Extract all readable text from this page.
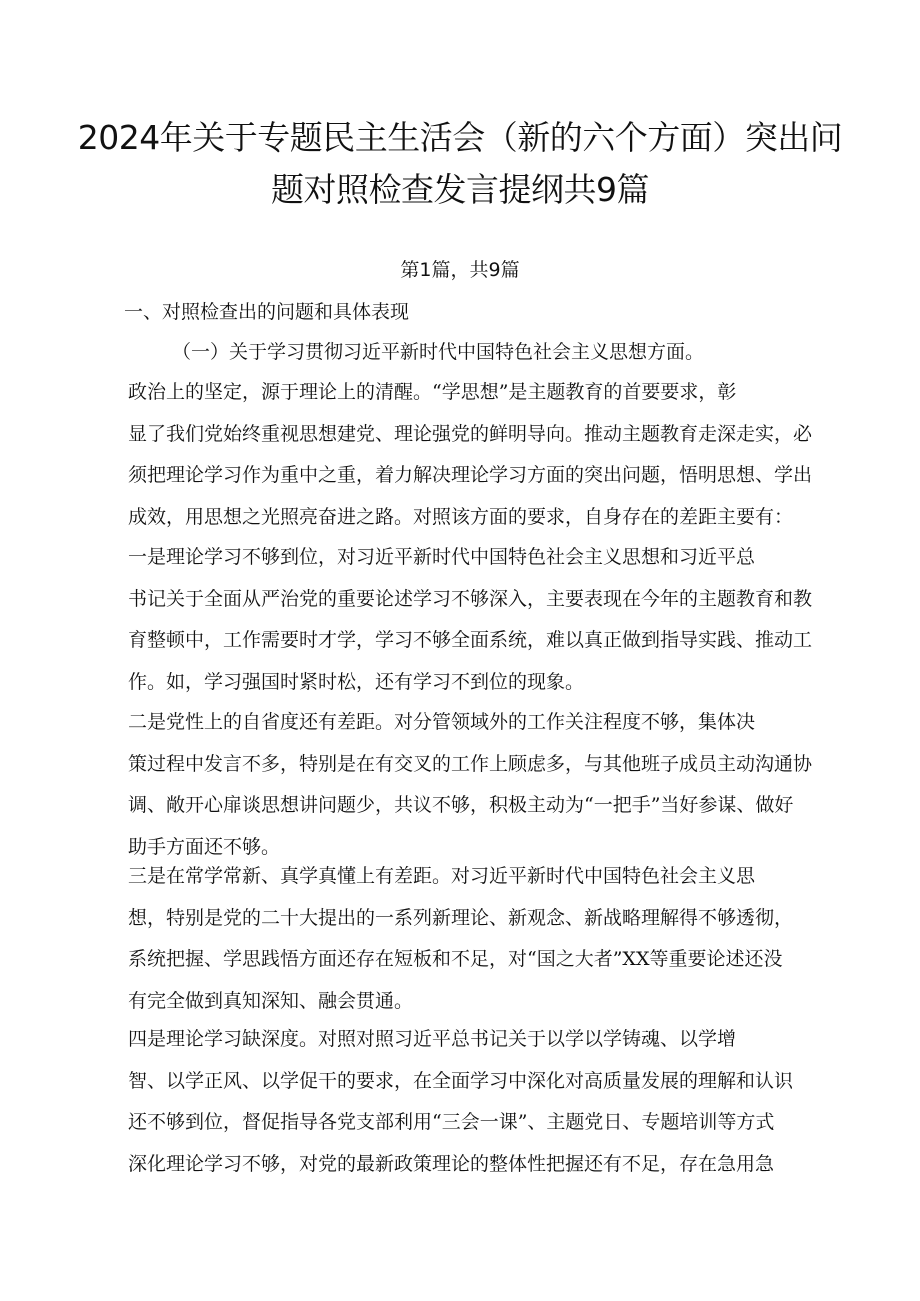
2024年关于专题民主生活会（新的六个方面）突出问
题对照检查发言提纲共9篇
第1篇，共9篇
一、对照检查出的问题和具体表现
（一）关于学习贯彻习近平新时代中国特色社会主义思想方面。
政治上的坚定，源于理论上的清醒。“学思想”是主题教育的首要要求，彰
显了我们党始终重视思想建党、理论强党的鲜明导向。推动主题教育走深走实，必
须把理论学习作为重中之重，着力解决理论学习方面的突出问题，悟明思想、学出
成效，用思想之光照亮奋进之路。对照该方面的要求，自身存在的差距主要有：
一是理论学习不够到位，对习近平新时代中国特色社会主义思想和习近平总
书记关于全面从严治党的重要论述学习不够深入，主要表现在今年的主题教育和教
育整顿中，工作需要时才学，学习不够全面系统，难以真正做到指导实践、推动工
作。如，学习强国时紧时松，还有学习不到位的现象。
二是党性上的自省度还有差距。对分管领域外的工作关注程度不够，集体决
策过程中发言不多，特别是在有交叉的工作上顾虑多，与其他班子成员主动沟通协
调、敞开心扉谈思想讲问题少，共议不够，积极主动为“一把手”当好参谋、做好
助手方面还不够。
三是在常学常新、真学真懂上有差距。对习近平新时代中国特色社会主义思
想，特别是党的二十大提出的一系列新理论、新观念、新战略理解得不够透彻，
系统把握、学思践悟方面还存在短板和不足，对“国之大者”XX等重要论述还没
有完全做到真知深知、融会贯通。
四是理论学习缺深度。对照对照习近平总书记关于以学以学铸魂、以学增
智、以学正风、以学促干的要求，在全面学习中深化对高质量发展的理解和认识
还不够到位，督促指导各党支部利用“三会一课”、主题党日、专题培训等方式
深化理论学习不够，对党的最新政策理论的整体性把握还有不足，存在急用急
